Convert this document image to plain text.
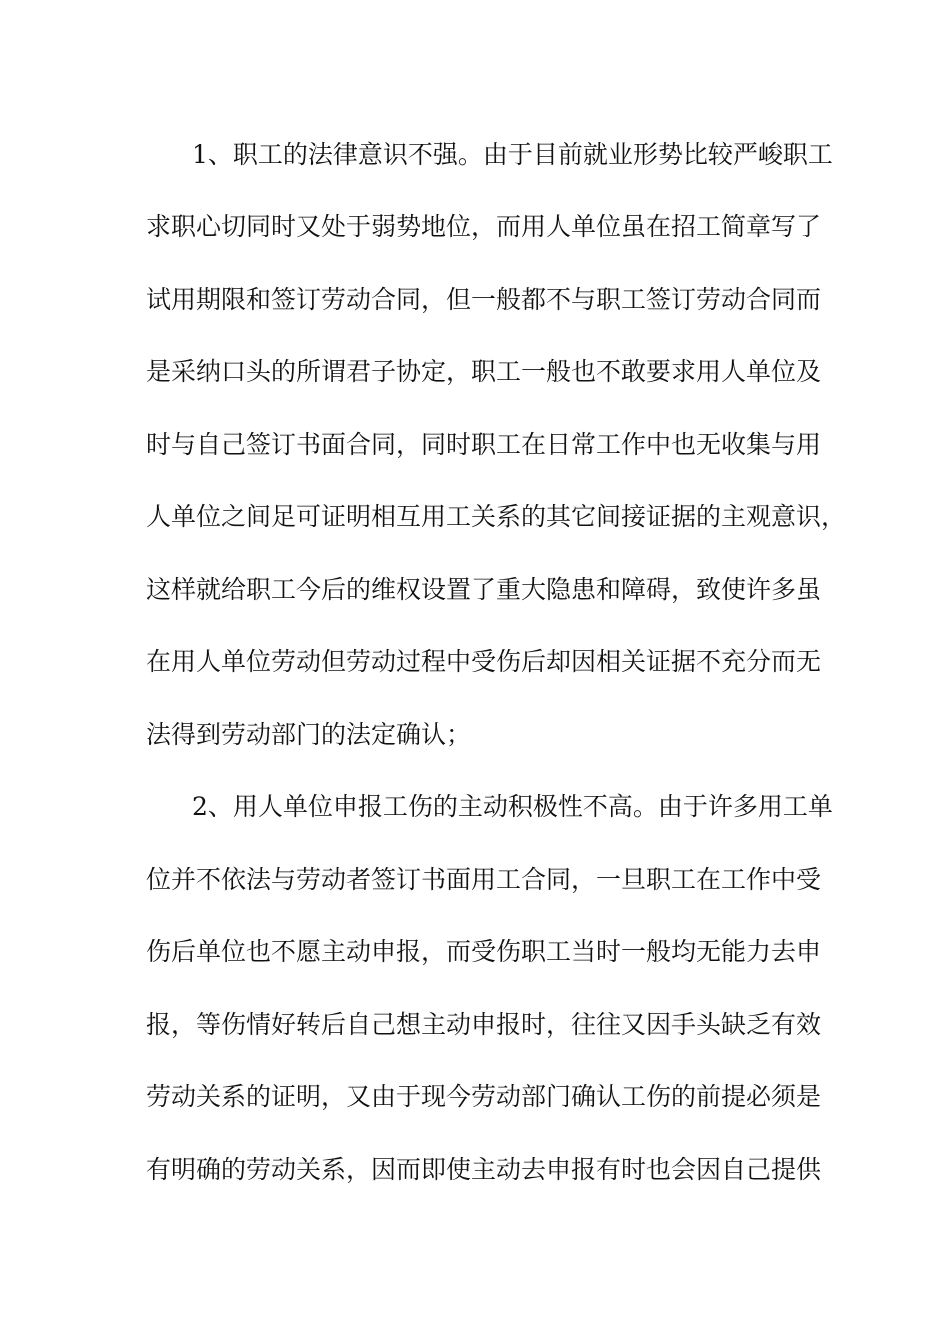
1、职工的法律意识不强。由于目前就业形势比较严峻职工
求职心切同时又处于弱势地位，而用人单位虽在招工简章写了
试用期限和签订劳动合同，但一般都不与职工签订劳动合同而
是采纳口头的所谓君子协定，职工一般也不敢要求用人单位及
时与自己签订书面合同，同时职工在日常工作中也无收集与用
人单位之间足可证明相互用工关系的其它间接证据的主观意识，
这样就给职工今后的维权设置了重大隐患和障碍，致使许多虽
在用人单位劳动但劳动过程中受伤后却因相关证据不充分而无
法得到劳动部门的法定确认；
2、用人单位申报工伤的主动积极性不高。由于许多用工单
位并不依法与劳动者签订书面用工合同，一旦职工在工作中受
伤后单位也不愿主动申报，而受伤职工当时一般均无能力去申
报，等伤情好转后自己想主动申报时，往往又因手头缺乏有效
劳动关系的证明，又由于现今劳动部门确认工伤的前提必须是
有明确的劳动关系，因而即使主动去申报有时也会因自己提供
